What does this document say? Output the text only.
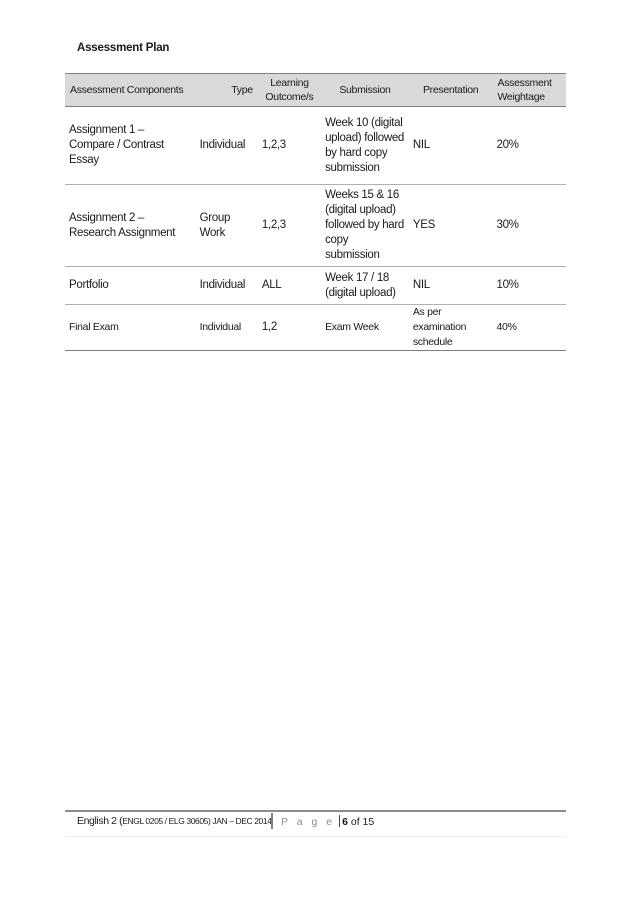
Assessment Plan
Assessment Components	Type	Learning Outcome/s	Submission	Presentation	Assessment Weightage
Assignment 1 – Compare / Contrast Essay	Individual	1,2,3	Week 10 (digital upload) followed by hard copy submission	NIL	20%
Assignment 2 – Research Assignment	Group Work	1,2,3	Weeks 15 & 16 (digital upload) followed by hard copy submission	YES	30%
Portfolio	Individual	ALL	Week 17 / 18 (digital upload)	NIL	10%
Final Exam	Individual	1,2	Exam Week	As per examination schedule	40%
English 2 (ENGL 0205 / ELG 30605) JAN – DEC 2014 P a g e 6 of 15
